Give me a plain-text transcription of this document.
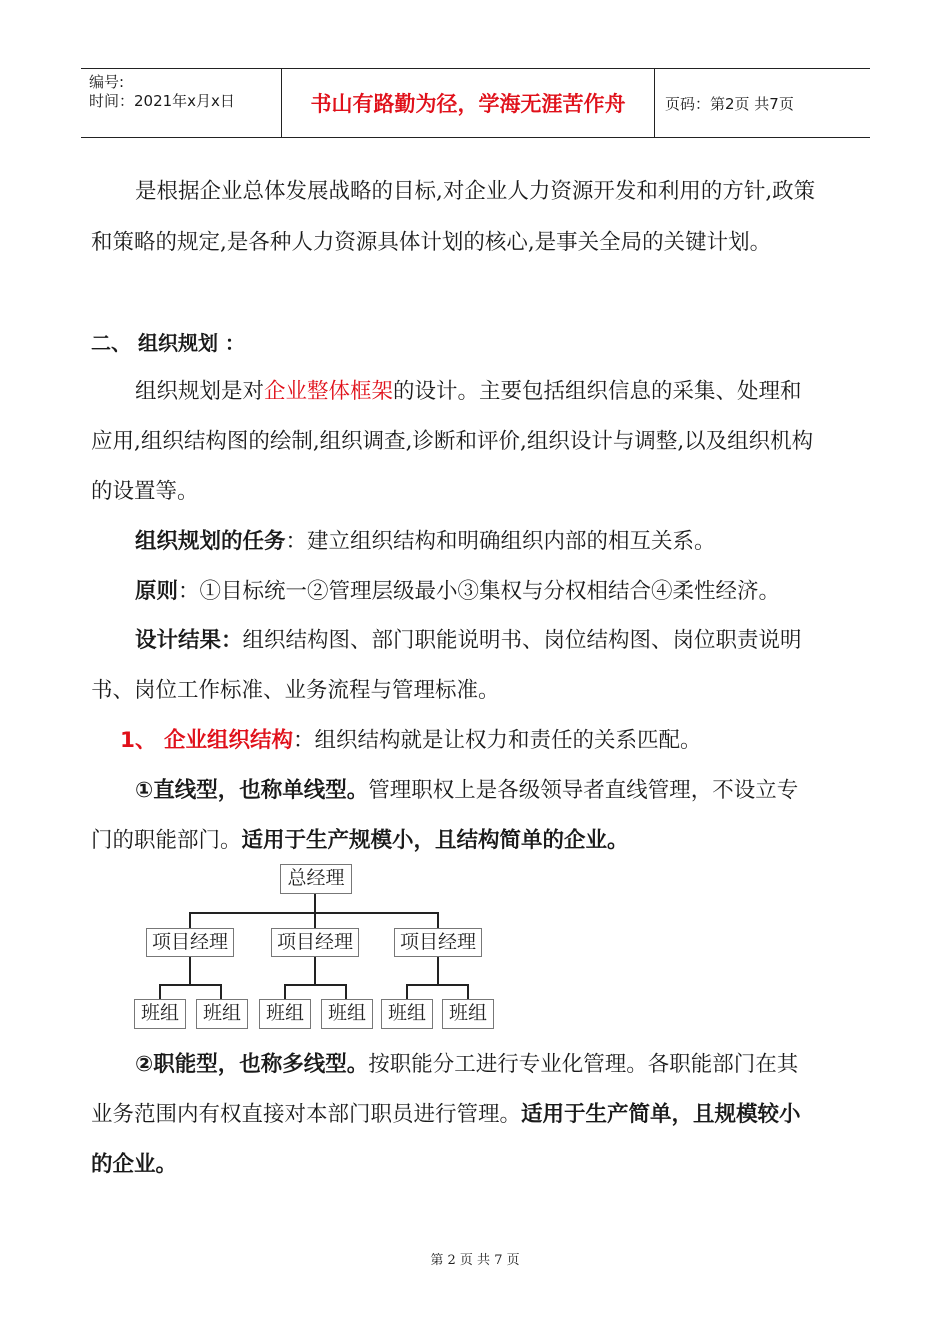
编号:
时间：2021年x月x日	书山有路勤为径，学海无涯苦作舟	页码：第2页 共7页
是根据企业总体发展战略的目标,对企业人力资源开发和利用的方针,政策
和策略的规定,是各种人力资源具体计划的核心,是事关全局的关键计划。
二、 组织规划 ：
组织规划是对企业整体框架的设计。主要包括组织信息的采集、处理和
应用,组织结构图的绘制,组织调查,诊断和评价,组织设计与调整,以及组织机构
的设置等。
组织规划的任务：建立组织结构和明确组织内部的相互关系。
原则：①目标统一②管理层级最小③集权与分权相结合④柔性经济。
设计结果：组织结构图、部门职能说明书、岗位结构图、岗位职责说明
书、岗位工作标准、业务流程与管理标准。
1、 企业组织结构：组织结构就是让权力和责任的关系匹配。
①直线型，也称单线型。管理职权上是各级领导者直线管理，不设立专
门的职能部门。适用于生产规模小，且结构简单的企业。
总经理
项目经理	项目经理	项目经理
班组	班组	班组	班组	班组	班组
②职能型，也称多线型。按职能分工进行专业化管理。各职能部门在其
业务范围内有权直接对本部门职员进行管理。适用于生产简单，且规模较小
的企业。
第 2 页 共 7 页
